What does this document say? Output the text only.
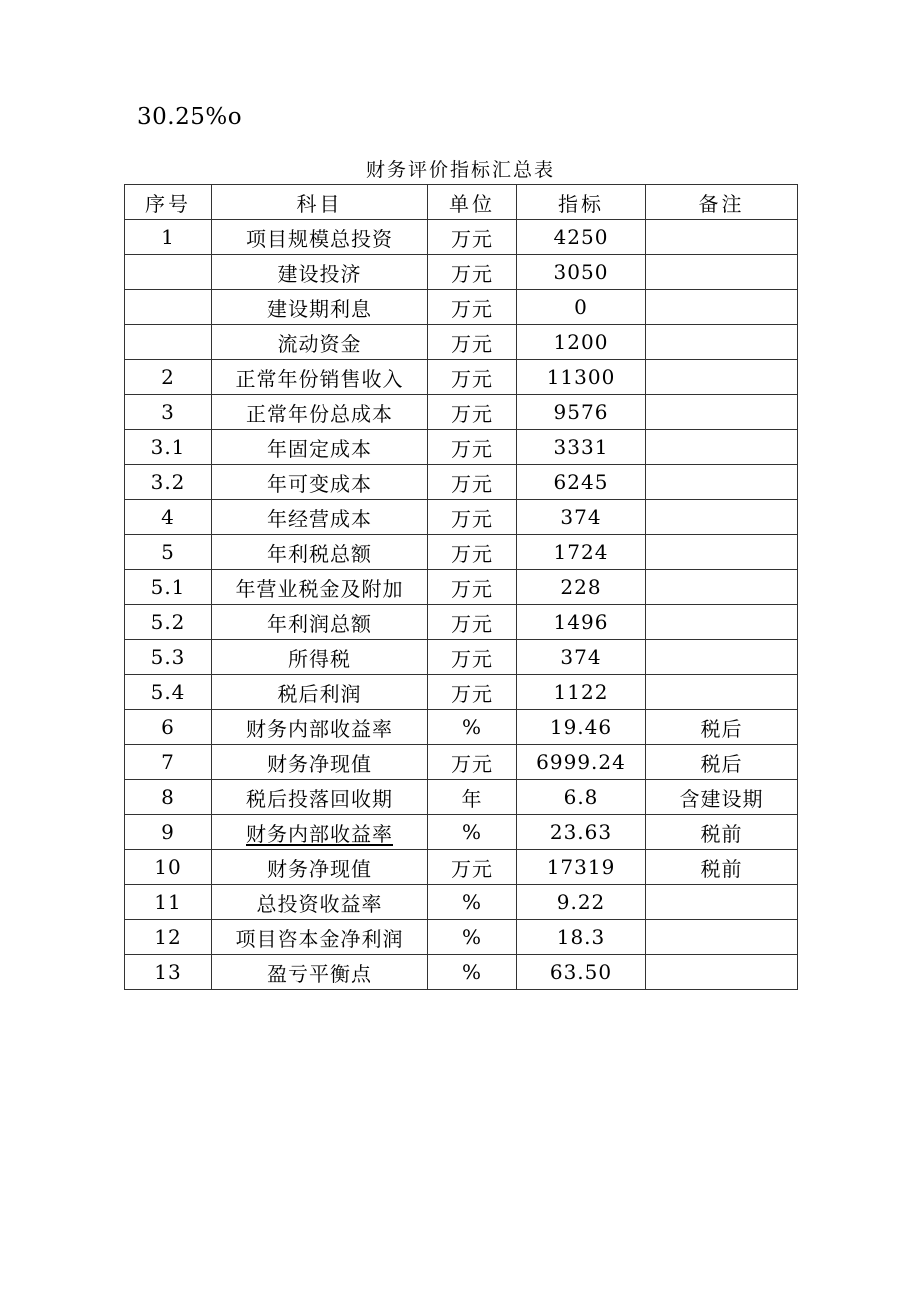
30.25%o
财务评价指标汇总表
序号	科目	单位	指标	备注
1	项目规模总投资	万元	4250	
	建设投济	万元	3050	
	建设期利息	万元	0	
	流动资金	万元	1200	
2	正常年份销售收入	万元	11300	
3	正常年份总成本	万元	9576	
3.1	年固定成本	万元	3331	
3.2	年可变成本	万元	6245	
4	年经营成本	万元	374	
5	年利税总额	万元	1724	
5.1	年营业税金及附加	万元	228	
5.2	年利润总额	万元	1496	
5.3	所得税	万元	374	
5.4	税后利润	万元	1122	
6	财务内部收益率	%	19.46	税后
7	财务净现值	万元	6999.24	税后
8	税后投落回收期	年	6.8	含建设期
9	财务内部收益率	%	23.63	税前
10	财务净现值	万元	17319	税前
11	总投资收益率	%	9.22	
12	项目咨本金净利润	%	18.3	
13	盈亏平衡点	%	63.50	
